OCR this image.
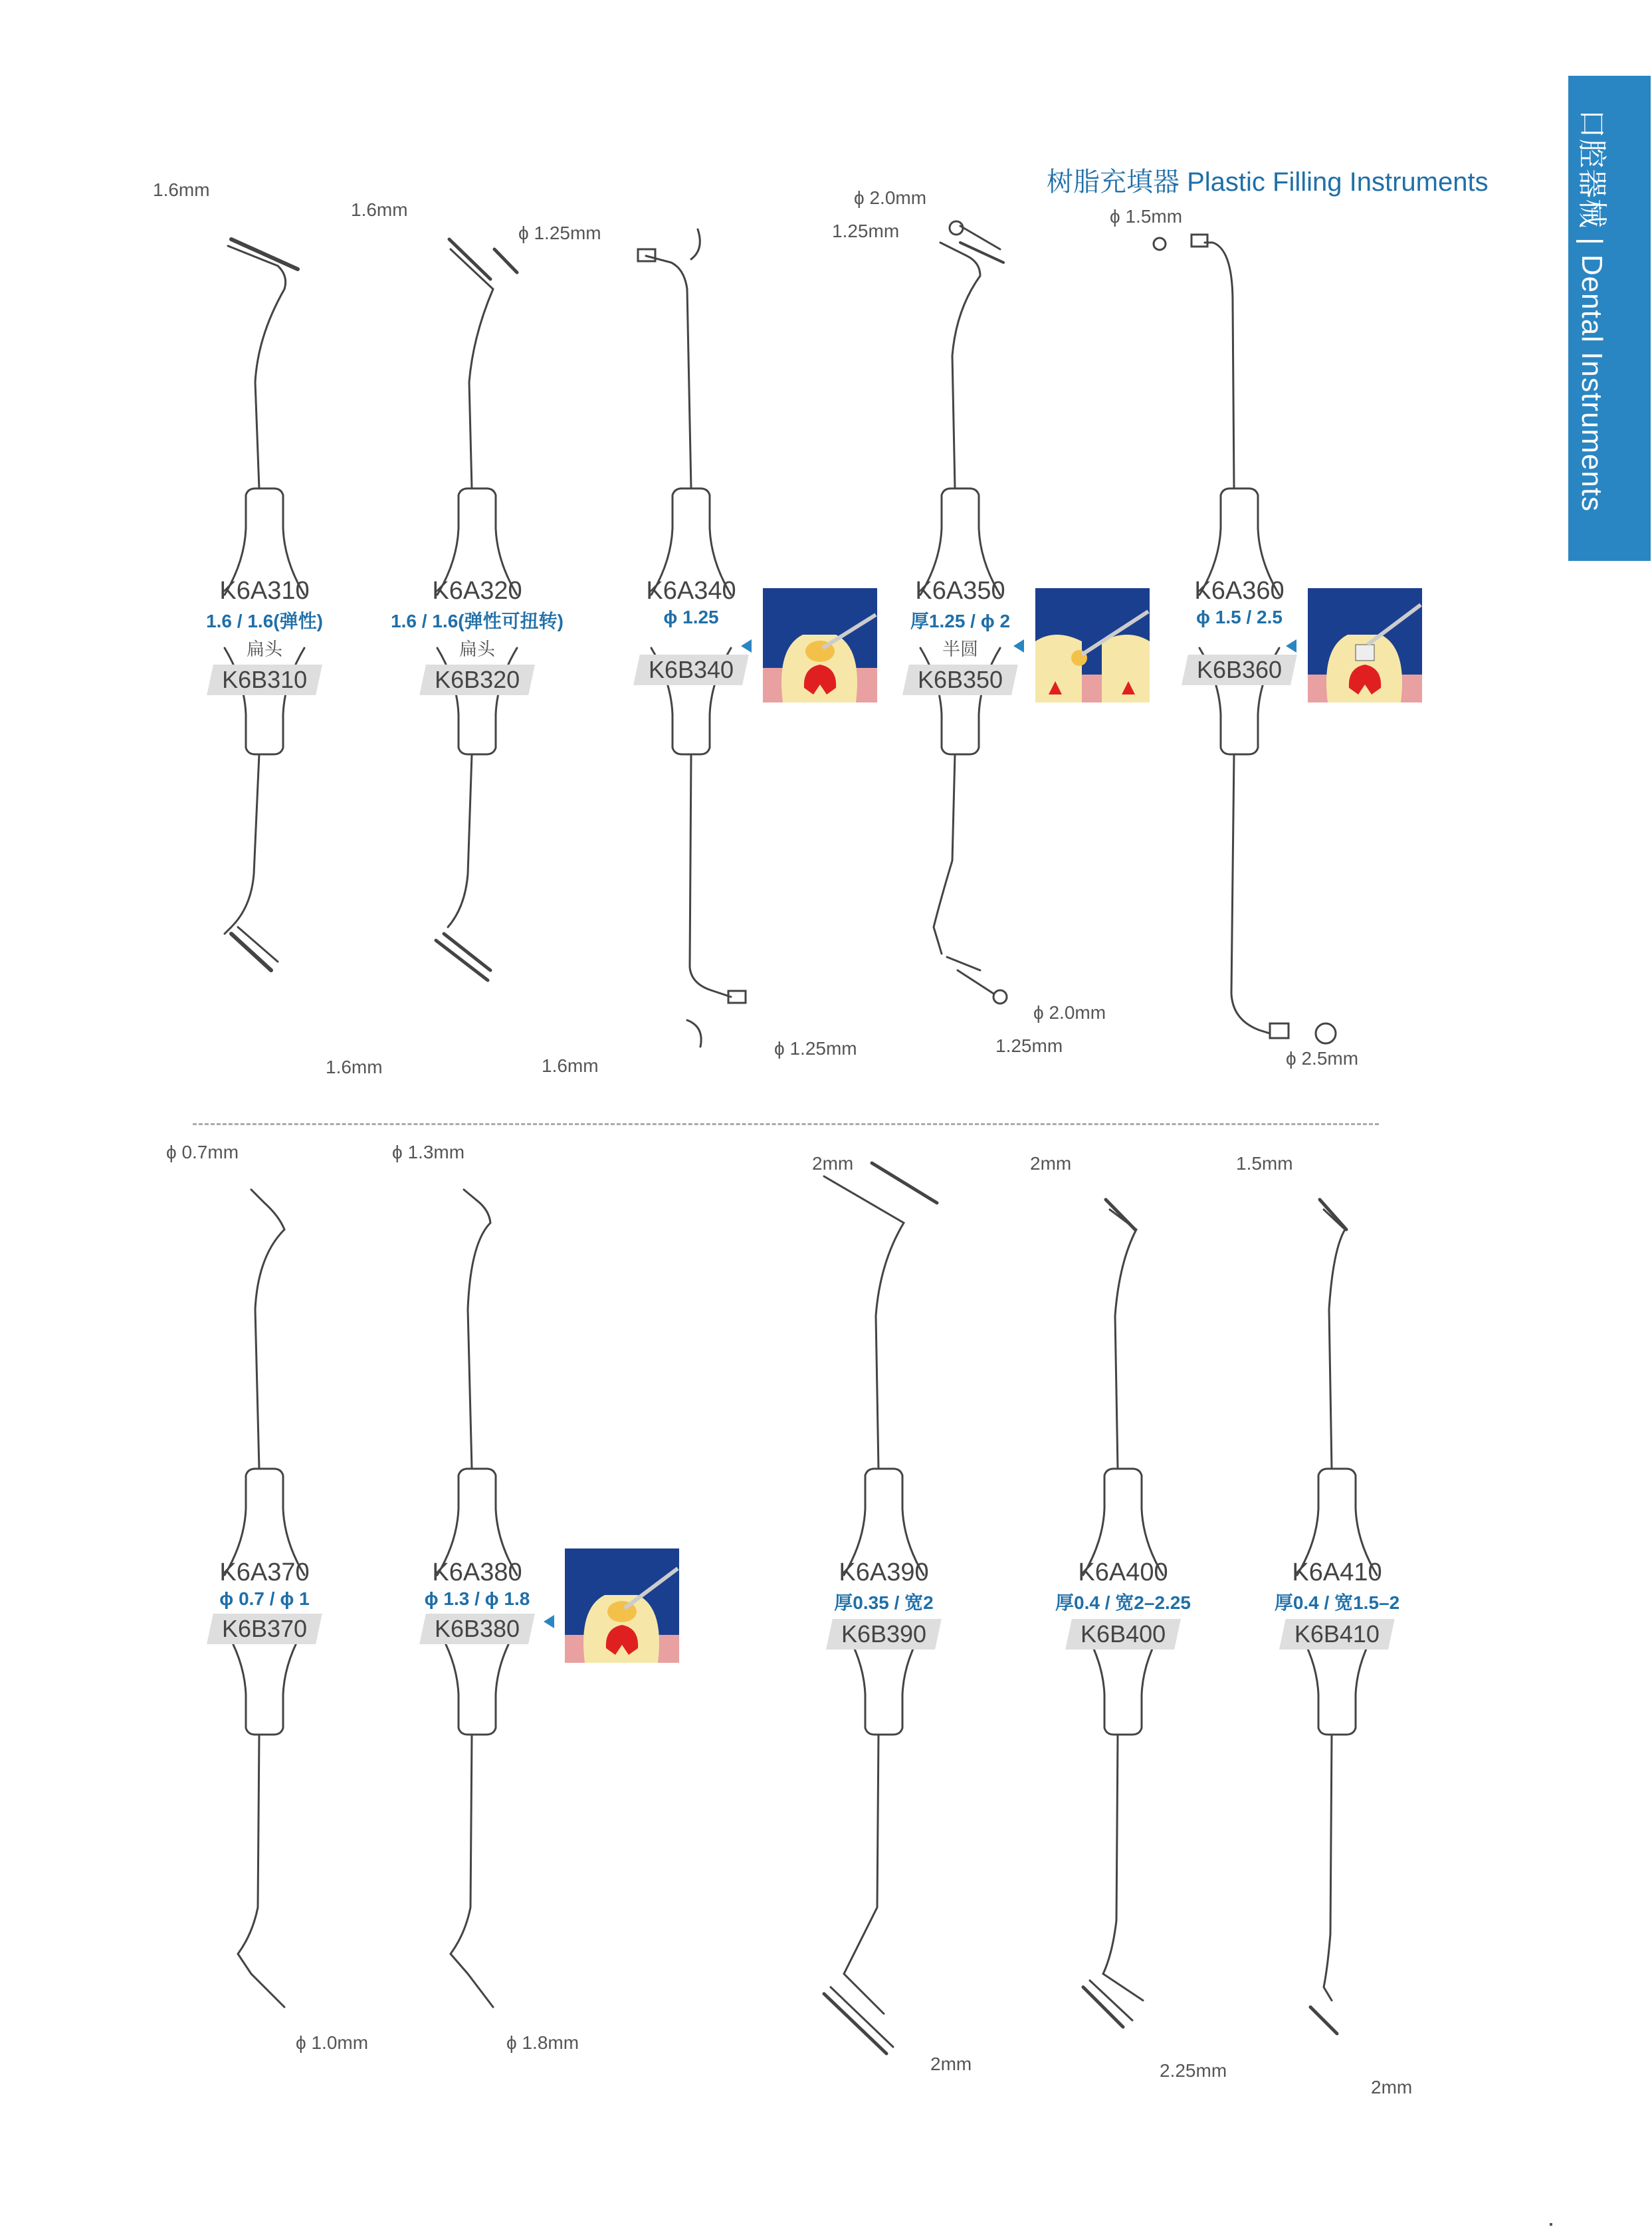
口腔器械 | Dental Instruments
树脂充填器 Plastic Filling Instruments
1.6mm
1.6mm
ϕ 1.25mm
ϕ 2.0mm
1.25mm
ϕ 1.5mm
1.6mm	1.6mm
ϕ 1.25mm
ϕ 2.0mm
1.25mm
ϕ 2.5mm
K6A310
1.6 / 1.6(弹性)
扁头
K6B310
K6A320
1.6 / 1.6(弹性可扭转)
扁头
K6B320
K6A340
ϕ 1.25
K6B340
K6A350
厚1.25 / ϕ 2
半圆
K6B350
K6A360
ϕ 1.5 / 2.5
K6B360
ϕ 0.7mm	ϕ 1.3mm
2mm	2mm	1.5mm
ϕ 1.0mm	ϕ 1.8mm
2mm	2.25mm
2mm
K6A370
ϕ 0.7 / ϕ 1
K6B370
K6A380
ϕ 1.3 / ϕ 1.8
K6B380
K6A390
厚0.35 / 宽2
K6B390
K6A400
厚0.4 / 宽2–2.25
K6B400
K6A410
厚0.4 / 宽1.5–2
K6B410
